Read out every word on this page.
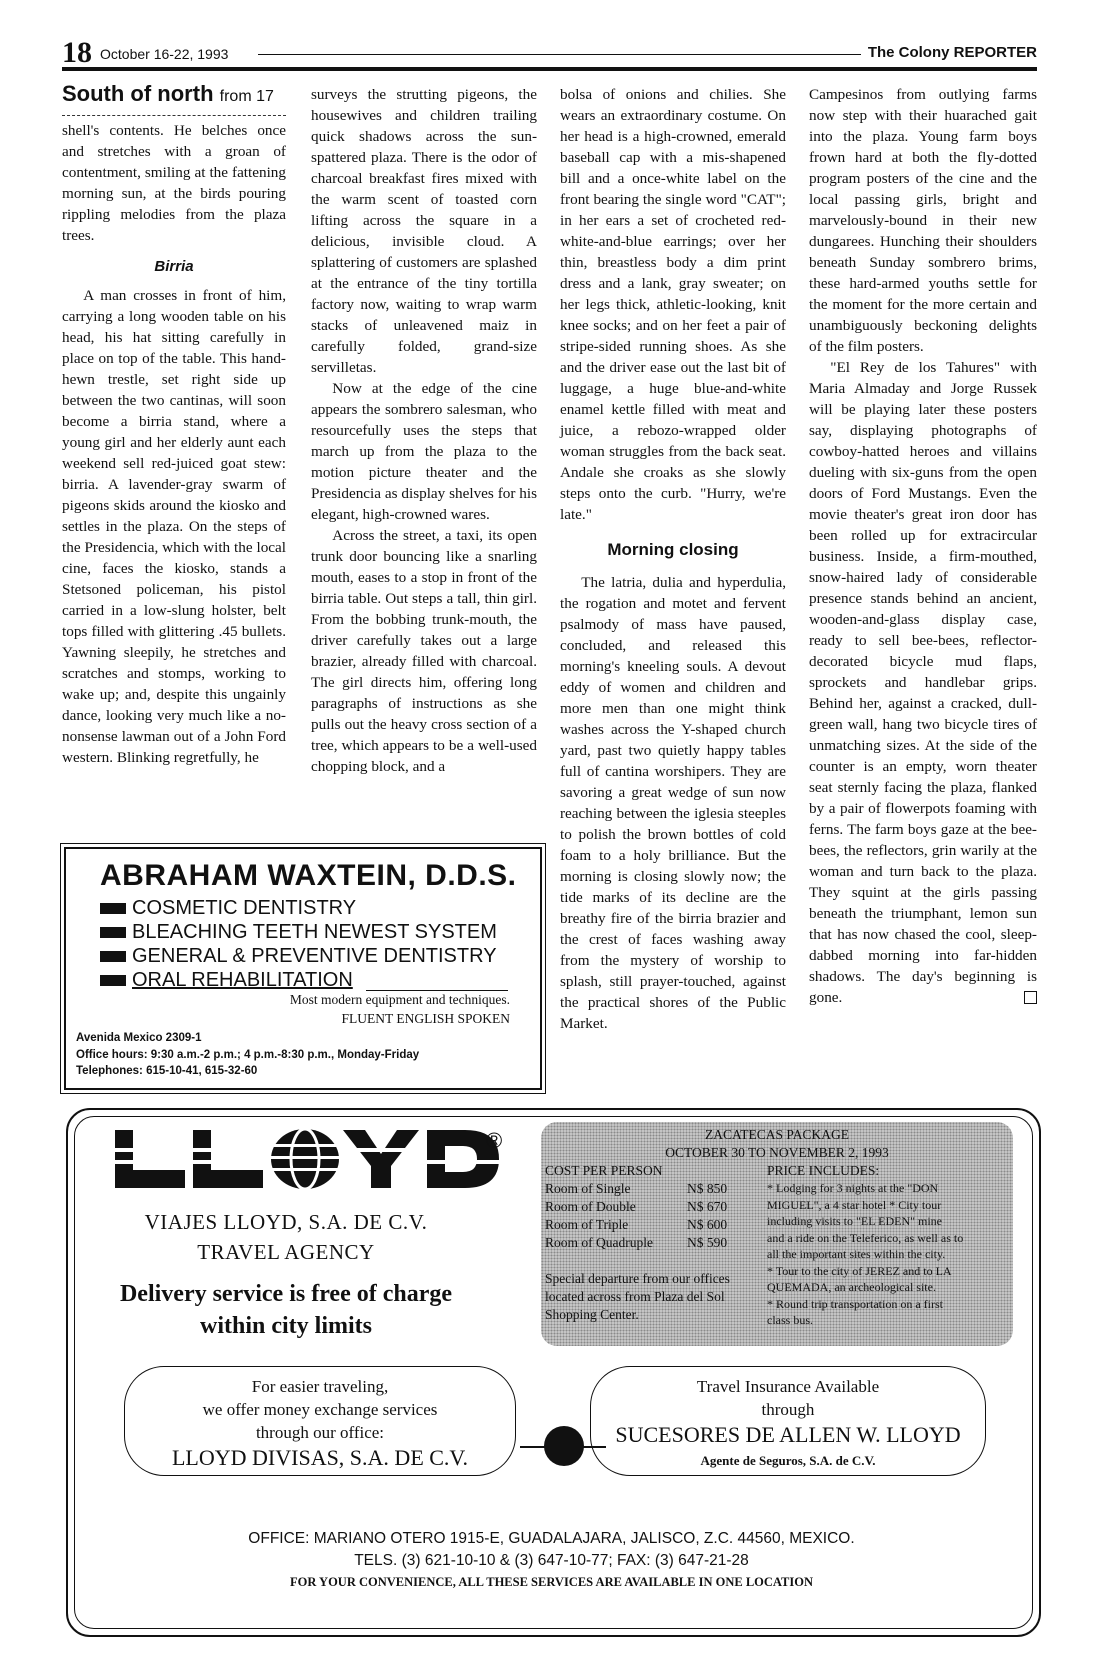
18 October 16-22, 1993	The Colony REPORTER
South of north from 17

shell's contents. He belches once and stretches with a groan of contentment, smiling at the fattening morning sun, at the birds pouring rippling melodies from the plaza trees.

Birria

A man crosses in front of him, carrying a long wooden table on his head, his hat sitting carefully in place on top of the table. This hand-hewn trestle, set right side up between the two cantinas, will soon become a birria stand, where a young girl and her elderly aunt each weekend sell red-juiced goat stew: birria. A lavender-gray swarm of pigeons skids around the kiosko and settles in the plaza. On the steps of the Presidencia, which with the local cine, faces the kiosko, stands a Stetsoned policeman, his pistol carried in a low-slung holster, belt tops filled with glittering .45 bullets. Yawning sleepily, he stretches and scratches and stomps, working to wake up; and, despite this ungainly dance, looking very much like a no-nonsense lawman out of a John Ford western. Blinking regretfully, he

surveys the strutting pigeons, the housewives and children trailing quick shadows across the sun-spattered plaza. There is the odor of charcoal breakfast fires mixed with the warm scent of toasted corn lifting across the square in a delicious, invisible cloud. A splattering of customers are splashed at the entrance of the tiny tortilla factory now, waiting to wrap warm stacks of unleavened maiz in carefully folded, grand-size servilletas.

Now at the edge of the cine appears the sombrero salesman, who resourcefully uses the steps that march up from the plaza to the motion picture theater and the Presidencia as display shelves for his elegant, high-crowned wares.

Across the street, a taxi, its open trunk door bouncing like a snarling mouth, eases to a stop in front of the birria table. Out steps a tall, thin girl. From the bobbing trunk-mouth, the driver carefully takes out a large brazier, already filled with charcoal. The girl directs him, offering long paragraphs of instructions as she pulls out the heavy cross section of a tree, which appears to be a well-used chopping block, and a

bolsa of onions and chilies. She wears an extraordinary costume. On her head is a high-crowned, emerald baseball cap with a mis-shapened bill and a once-white label on the front bearing the single word "CAT"; in her ears a set of crocheted red-white-and-blue earrings; over her thin, breastless body a dim print dress and a lank, gray sweater; on her legs thick, athletic-looking, knit knee socks; and on her feet a pair of stripe-sided running shoes. As she and the driver ease out the last bit of luggage, a huge blue-and-white enamel kettle filled with meat and juice, a rebozo-wrapped older woman struggles from the back seat. Andale she croaks as she slowly steps onto the curb. "Hurry, we're late."

Morning closing

The latria, dulia and hyperdulia, the rogation and motet and fervent psalmody of mass have paused, concluded, and released this morning's kneeling souls. A devout eddy of women and children and more men than one might think washes across the Y-shaped church yard, past two quietly happy tables full of cantina worshipers. They are savoring a great wedge of sun now reaching between the iglesia steeples to polish the brown bottles of cold foam to a holy brilliance. But the morning is closing slowly now; the tide marks of its decline are the breathy fire of the birria brazier and the crest of faces washing away from the mystery of worship to splash, still prayer-touched, against the practical shores of the Public Market.

Campesinos from outlying farms now step with their huarached gait into the plaza. Young farm boys frown hard at both the fly-dotted program posters of the cine and the local passing girls, bright and marvelously-bound in their new dungarees. Hunching their shoulders beneath Sunday sombrero brims, these hard-armed youths settle for the moment for the more certain and unambiguously beckoning delights of the film posters.

"El Rey de los Tahures" with Maria Almaday and Jorge Russek will be playing later these posters say, displaying photographs of cowboy-hatted heroes and villains dueling with six-guns from the open doors of Ford Mustangs. Even the movie theater's great iron door has been rolled up for extracircular business. Inside, a firm-mouthed, snow-haired lady of considerable presence stands behind an ancient, wooden-and-glass display case, ready to sell bee-bees, reflector-decorated bicycle mud flaps, sprockets and handlebar grips. Behind her, against a cracked, dull-green wall, hang two bicycle tires of unmatching sizes. At the side of the counter is an empty, worn theater seat sternly facing the plaza, flanked by a pair of flowerpots foaming with ferns. The farm boys gaze at the bee-bees, the reflectors, grin warily at the woman and turn back to the plaza. They squint at the girls passing beneath the triumphant, lemon sun that has now chased the cool, sleep-dabbed morning into far-hidden shadows. The day's beginning is gone.

ABRAHAM WAXTEIN, D.D.S.
COSMETIC DENTISTRY
BLEACHING TEETH NEWEST SYSTEM
GENERAL & PREVENTIVE DENTISTRY
ORAL REHABILITATION
Most modern equipment and techniques.
FLUENT ENGLISH SPOKEN
Avenida Mexico 2309-1
Office hours: 9:30 a.m.-2 p.m.; 4 p.m.-8:30 p.m., Monday-Friday
Telephones: 615-10-41, 615-32-60
®
VIAJES LLOYD, S.A. DE C.V.
TRAVEL AGENCY
Delivery service is free of charge
within city limits
ZACATECAS PACKAGE
OCTOBER 30 TO NOVEMBER 2, 1993
COST PER PERSON	PRICE INCLUDES:
Room of Single	N$ 850
Room of Double	N$ 670
Room of Triple	N$ 600
Room of Quadruple	N$ 590
Special departure from our offices
located across from Plaza del Sol
Shopping Center.
* Lodging for 3 nights at the "DON
MIGUEL", a 4 star hotel * City tour
including visits to "EL EDEN" mine
and a ride on the Teleferico, as well as to
all the important sites within the city.
* Tour to the city of JEREZ and to LA
QUEMADA, an archeological site.
* Round trip transportation on a first
class bus.
For easier traveling,
we offer money exchange services
through our office:
LLOYD DIVISAS, S.A. DE C.V.
Travel Insurance Available
through
SUCESORES DE ALLEN W. LLOYD
Agente de Seguros, S.A. de C.V.
OFFICE: MARIANO OTERO 1915-E, GUADALAJARA, JALISCO, Z.C. 44560, MEXICO.
TELS. (3) 621-10-10 & (3) 647-10-77; FAX: (3) 647-21-28
FOR YOUR CONVENIENCE, ALL THESE SERVICES ARE AVAILABLE IN ONE LOCATION
